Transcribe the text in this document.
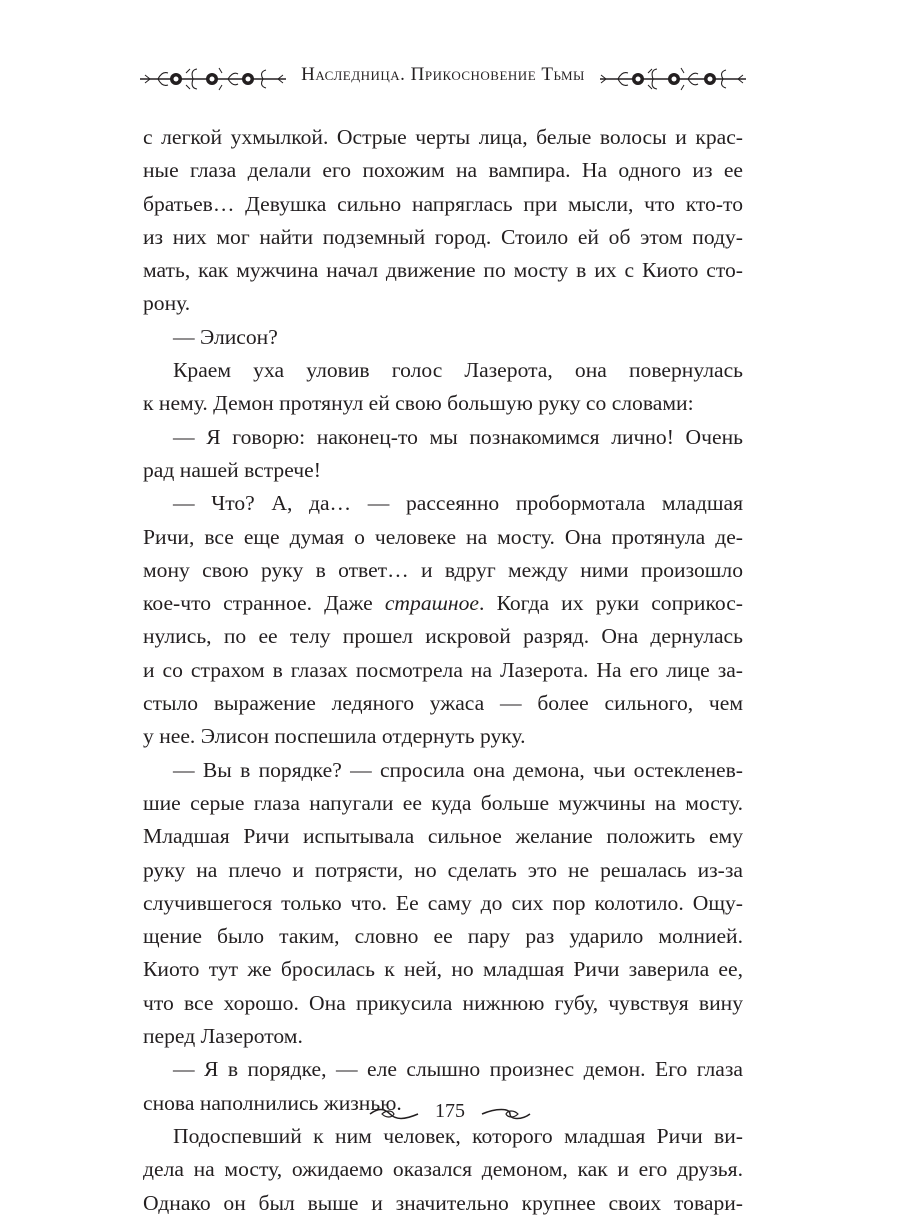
Наследница. Прикосновение Тьмы

с легкой ухмылкой. Острые черты лица, белые волосы и крас-

ные глаза делали его похожим на вампира. На одного из ее

братьев… Девушка сильно напряглась при мысли, что кто-то

из них мог найти подземный город. Стоило ей об этом поду-

мать, как мужчина начал движение по мосту в их с Киото сто-

рону.

— Элисон?

Краем уха уловив голос Лазерота, она повернулась

к нему. Демон протянул ей свою большую руку со словами:

— Я говорю: наконец-то мы познакомимся лично! Очень

рад нашей встрече!

— Что? А, да… — рассеянно пробормотала младшая

Ричи, все еще думая о человеке на мосту. Она протянула де-

мону свою руку в ответ… и вдруг между ними произошло

кое-что странное. Даже страшное. Когда их руки соприкос-

нулись, по ее телу прошел искровой разряд. Она дернулась

и со страхом в глазах посмотрела на Лазерота. На его лице за-

стыло выражение ледяного ужаса — более сильного, чем

у нее. Элисон поспешила отдернуть руку.

— Вы в порядке? — спросила она демона, чьи остекленев-

шие серые глаза напугали ее куда больше мужчины на мосту.

Младшая Ричи испытывала сильное желание положить ему

руку на плечо и потрясти, но сделать это не решалась из-за

случившегося только что. Ее саму до сих пор колотило. Ощу-

щение было таким, словно ее пару раз ударило молнией.

Киото тут же бросилась к ней, но младшая Ричи заверила ее,

что все хорошо. Она прикусила нижнюю губу, чувствуя вину

перед Лазеротом.

— Я в порядке, — еле слышно произнес демон. Его глаза

снова наполнились жизнью.

Подоспевший к ним человек, которого младшая Ричи ви-

дела на мосту, ожидаемо оказался демоном, как и его друзья.

Однако он был выше и значительно крупнее своих товари-

175
